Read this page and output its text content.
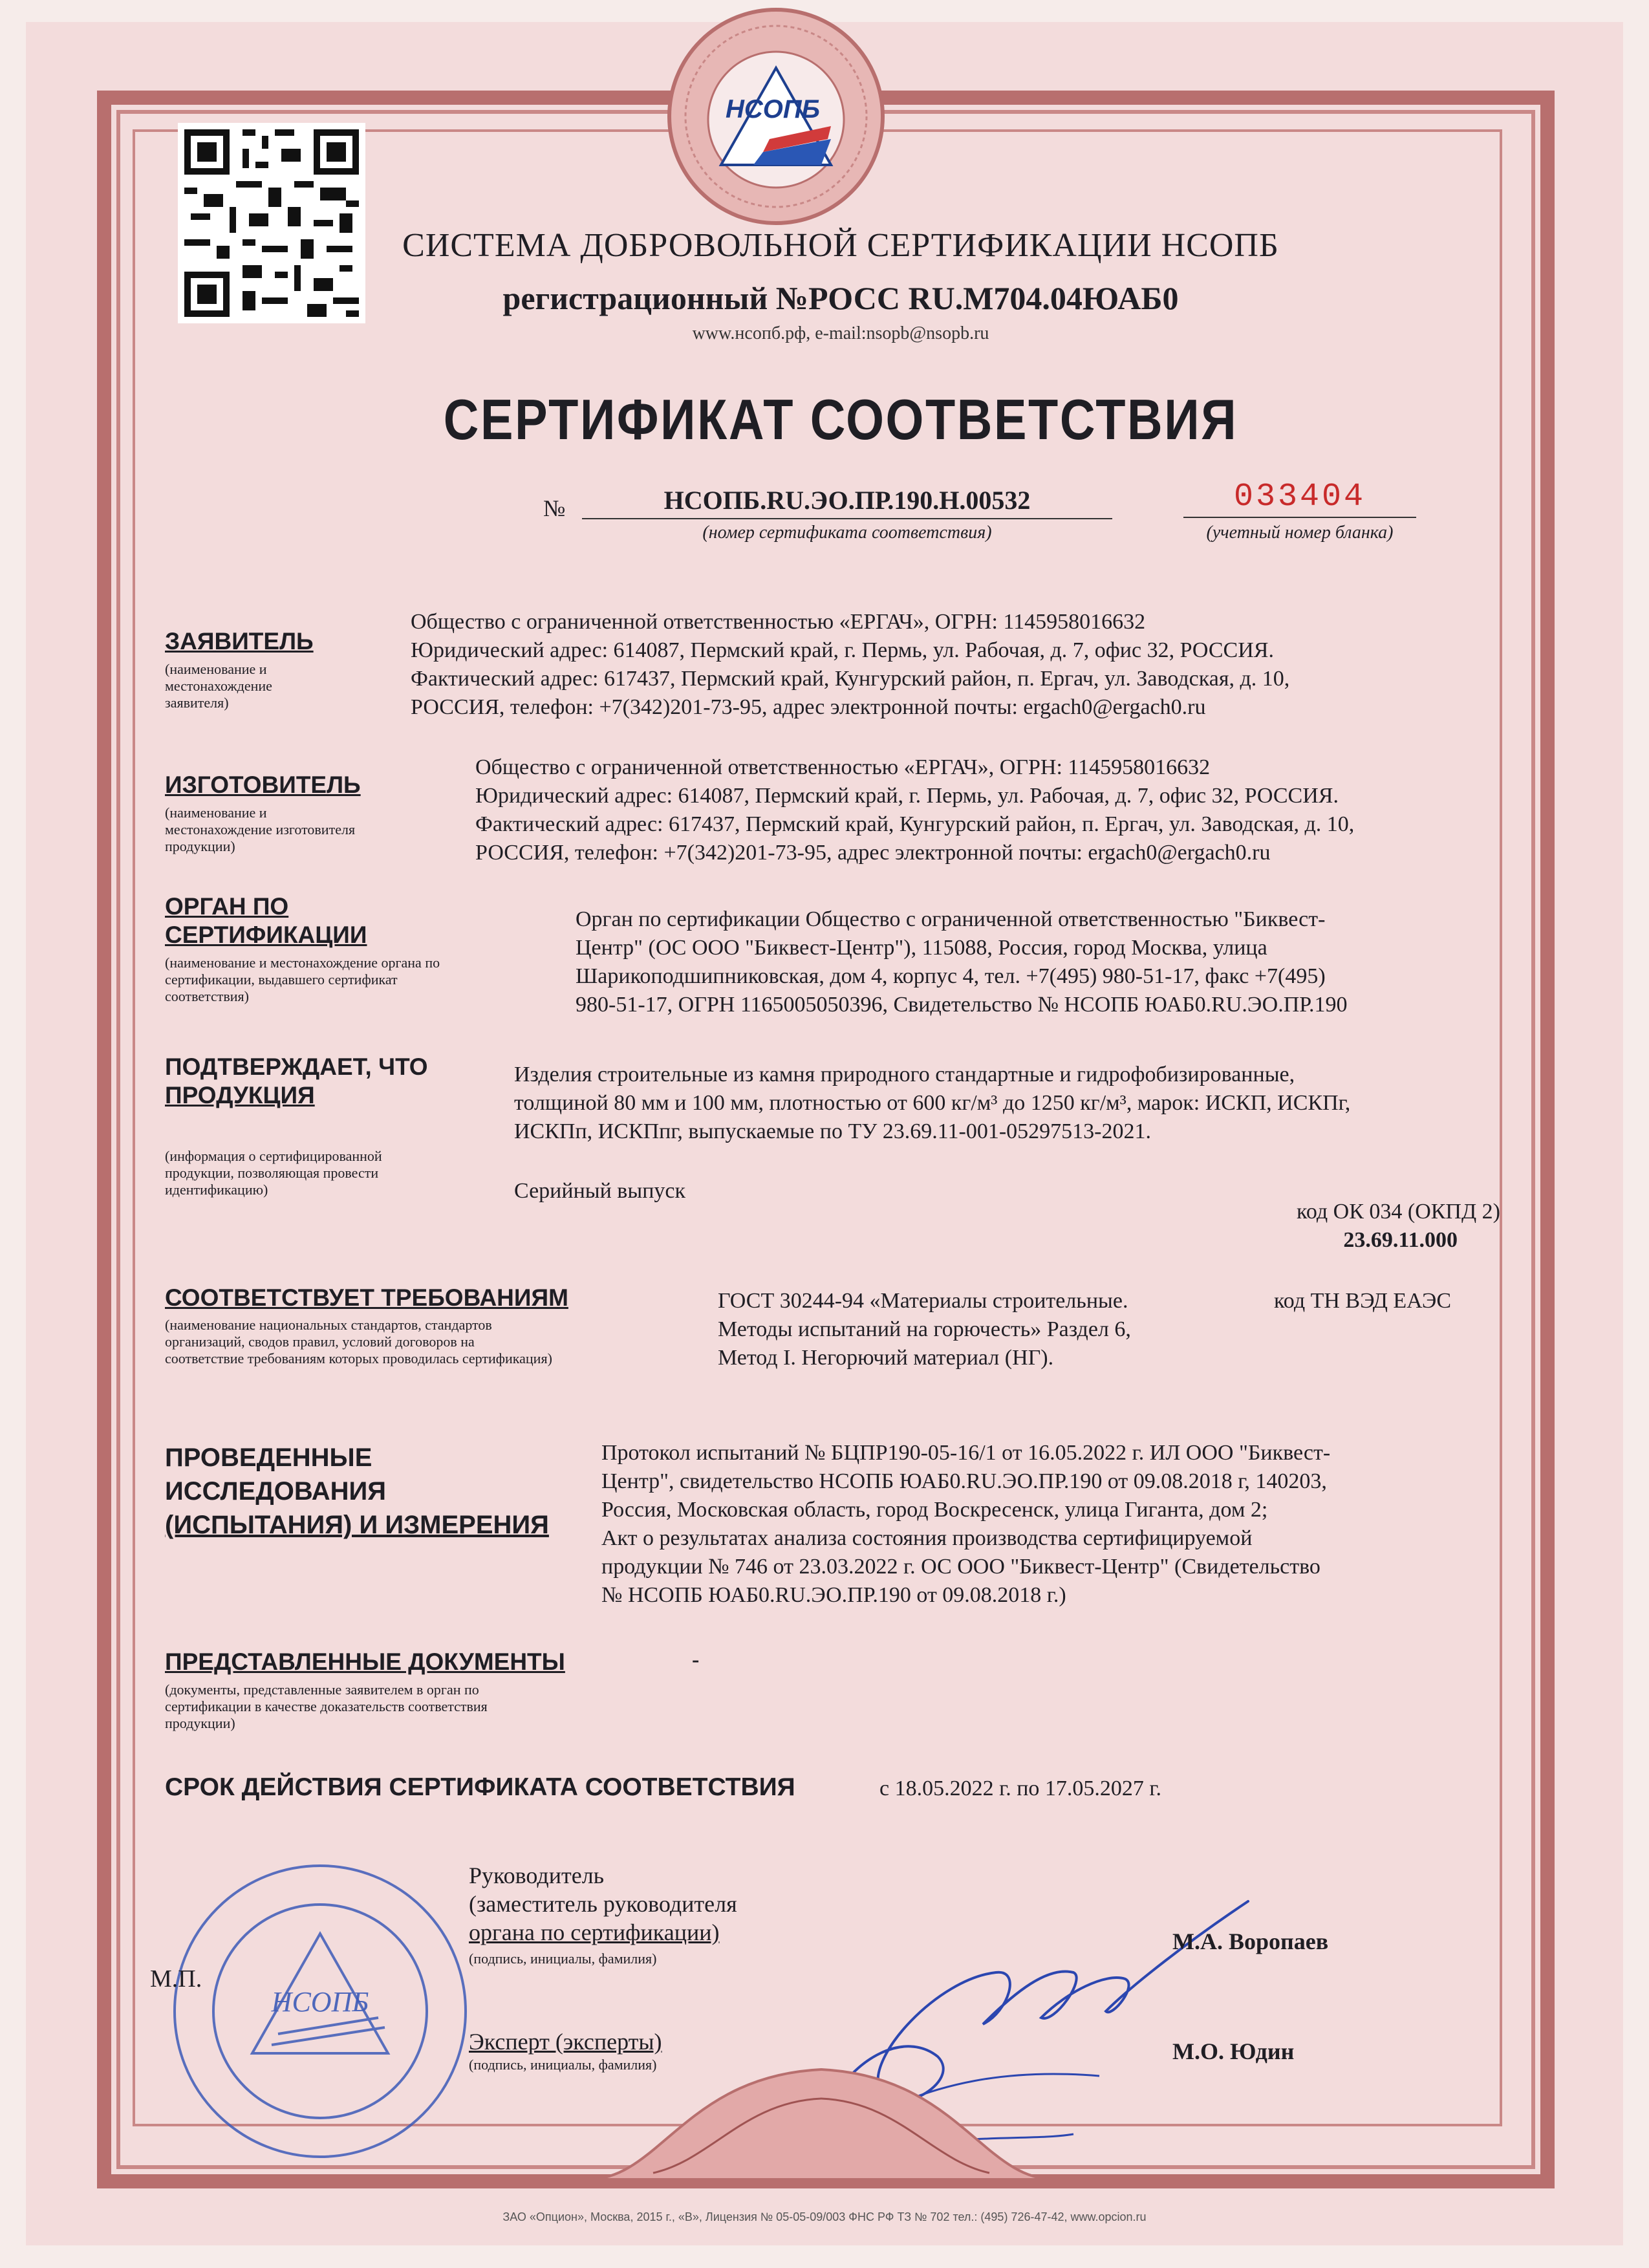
НСОПБ
СИСТЕМА ДОБРОВОЛЬНОЙ СЕРТИФИКАЦИИ НСОПБ
регистрационный №РОСС RU.М704.04ЮАБ0
www.нсопб.рф, e-mail:nsopb@nsopb.ru
СЕРТИФИКАТ СООТВЕТСТВИЯ
№	НСОПБ.RU.ЭО.ПР.190.Н.00532
(номер сертификата соответствия)
033404
(учетный номер бланка)
ЗАЯВИТЕЛЬ
(наименование и
местонахождение
заявителя)
Общество с ограниченной ответственностью «ЕРГАЧ», ОГРН: 1145958016632
Юридический адрес: 614087, Пермский край, г. Пермь, ул. Рабочая, д. 7, офис 32, РОССИЯ.
Фактический адрес: 617437, Пермский край, Кунгурский район, п. Ергач, ул. Заводская, д. 10,
РОССИЯ, телефон: +7(342)201-73-95, адрес электронной почты: ergach0@ergach0.ru
ИЗГОТОВИТЕЛЬ
(наименование и
местонахождение изготовителя
продукции)
Общество с ограниченной ответственностью «ЕРГАЧ», ОГРН: 1145958016632
Юридический адрес: 614087, Пермский край, г. Пермь, ул. Рабочая, д. 7, офис 32, РОССИЯ.
Фактический адрес: 617437, Пермский край, Кунгурский район, п. Ергач, ул. Заводская, д. 10,
РОССИЯ, телефон: +7(342)201-73-95, адрес электронной почты: ergach0@ergach0.ru
ОРГАН ПО
СЕРТИФИКАЦИИ
(наименование и местонахождение органа по
сертификации, выдавшего сертификат
соответствия)
Орган по сертификации Общество с ограниченной ответственностью "Биквест-
Центр" (ОС ООО "Биквест-Центр"), 115088, Россия, город Москва, улица
Шарикоподшипниковская, дом 4, корпус 4, тел. +7(495) 980-51-17, факс +7(495)
980-51-17, ОГРН 1165005050396, Свидетельство № НСОПБ ЮАБ0.RU.ЭО.ПР.190
ПОДТВЕРЖДАЕТ, ЧТО
ПРОДУКЦИЯ
(информация о сертифицированной
продукции, позволяющая провести
идентификацию)
Изделия строительные из камня природного стандартные и гидрофобизированные,
толщиной 80 мм и 100 мм, плотностью от 600 кг/м³ до 1250 кг/м³, марок: ИСКП, ИСКПг,
ИСКПп, ИСКПпг, выпускаемые по ТУ 23.69.11-001-05297513-2021.
Серийный выпуск
код ОК 034 (ОКПД 2)
23.69.11.000
СООТВЕТСТВУЕТ ТРЕБОВАНИЯМ
(наименование национальных стандартов, стандартов
организаций, сводов правил, условий договоров на
соответствие требованиям которых проводилась сертификация)
ГОСТ 30244-94 «Материалы строительные.
Методы испытаний на горючесть» Раздел 6,
Метод I. Негорючий материал (НГ).
код ТН ВЭД ЕАЭС
ПРОВЕДЕННЫЕ
ИССЛЕДОВАНИЯ
(ИСПЫТАНИЯ) И ИЗМЕРЕНИЯ
Протокол испытаний № БЦПР190-05-16/1 от 16.05.2022 г. ИЛ ООО "Биквест-
Центр", свидетельство НСОПБ ЮАБ0.RU.ЭО.ПР.190 от 09.08.2018 г, 140203,
Россия, Московская область, город Воскресенск, улица Гиганта, дом 2;
Акт о результатах анализа состояния производства сертифицируемой
продукции № 746 от 23.03.2022 г. ОС ООО "Биквест-Центр" (Свидетельство
№ НСОПБ ЮАБ0.RU.ЭО.ПР.190 от 09.08.2018 г.)
ПРЕДСТАВЛЕННЫЕ ДОКУМЕНТЫ	-
(документы, представленные заявителем в орган по
сертификации в качестве доказательств соответствия
продукции)
СРОК ДЕЙСТВИЯ СЕРТИФИКАТА СООТВЕТСТВИЯ	с 18.05.2022 г. по 17.05.2027 г.
НСОПБ
М.П.
Руководитель
(заместитель руководителя
органа по сертификации)
(подпись, инициалы, фамилия)
М.А. Воропаев
Эксперт (эксперты)
(подпись, инициалы, фамилия)
М.О. Юдин
ЗАО «Опцион», Москва, 2015 г., «В», Лицензия № 05-05-09/003 ФНС РФ ТЗ № 702 тел.: (495) 726-47-42, www.opcion.ru
